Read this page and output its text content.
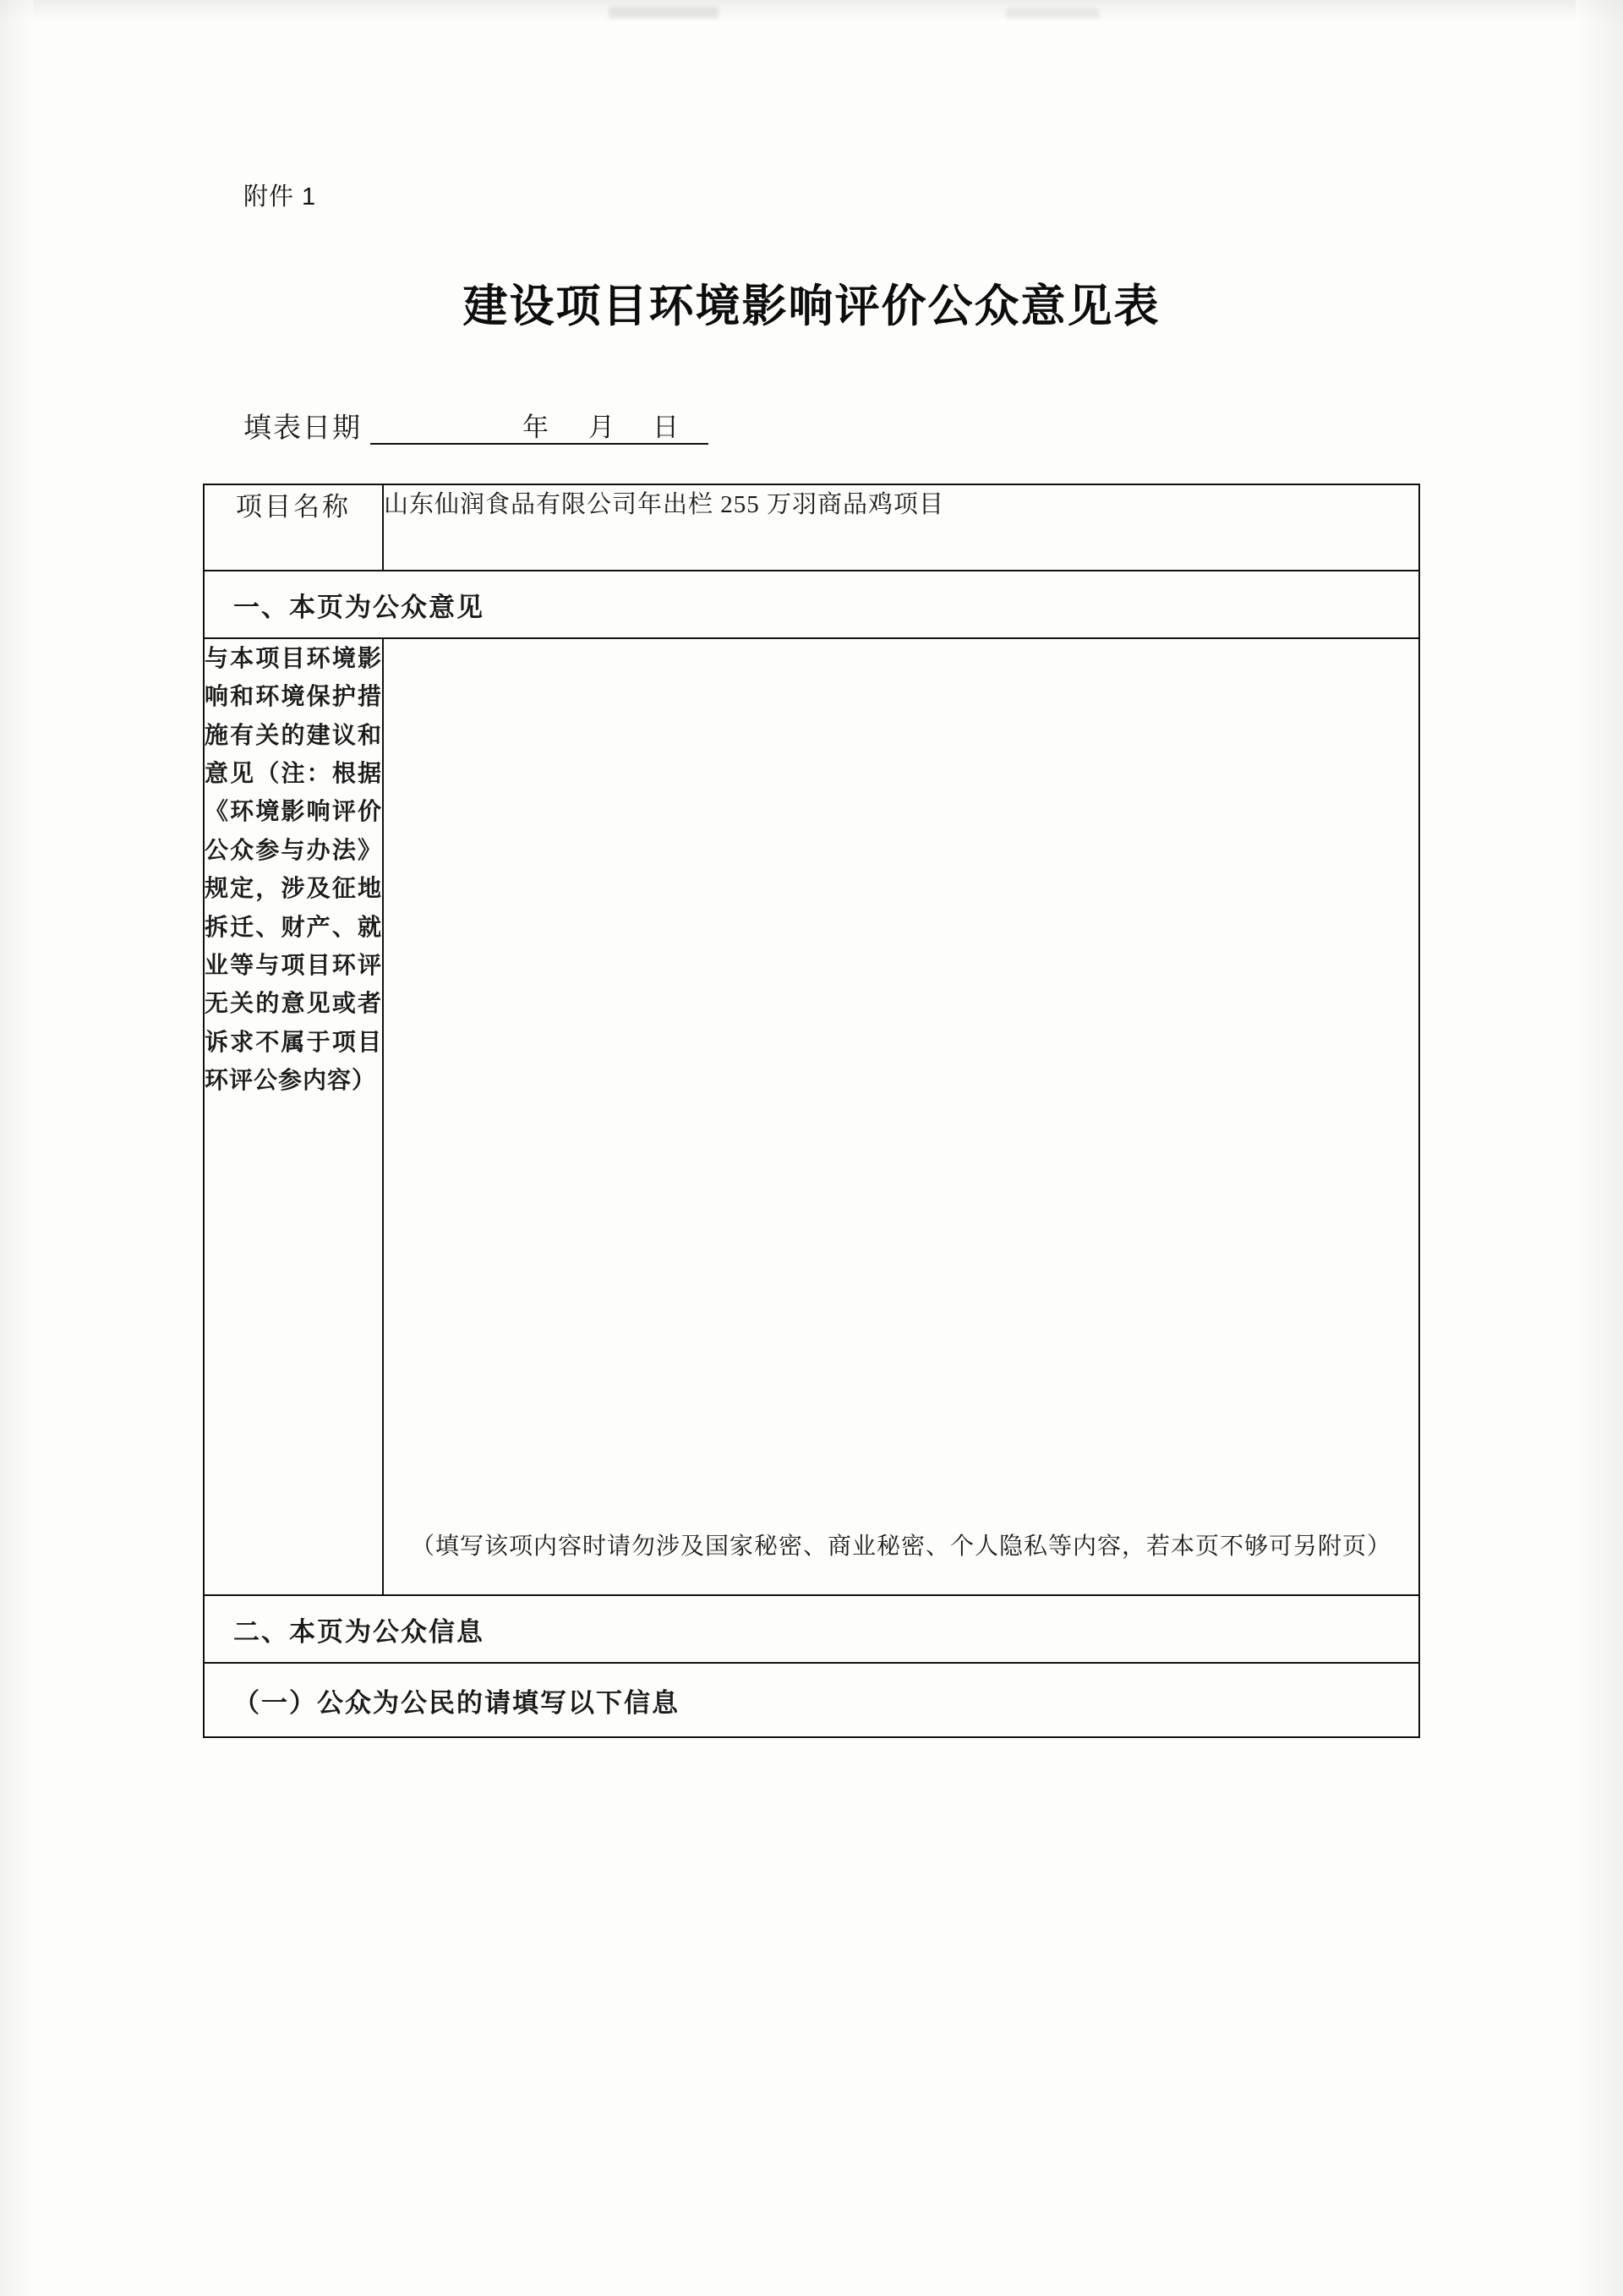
附件 1
建设项目环境影响评价公众意见表
填表日期	年 月 日
项目名称	山东仙润食品有限公司年出栏 255 万羽商品鸡项目
一、本页为公众意见	
与本项目环境影响和环境保护措施有关的建议和意见（注：根据《环境影响评价公众参与办法》规定，涉及征地拆迁、财产、就业等与项目环评无关的意见或者诉求不属于项目环评公参内容）	（填写该项内容时请勿涉及国家秘密、商业秘密、个人隐私等内容，若本页不够可另附页）

二、本页为公众信息	
（一）公众为公民的请填写以下信息	
